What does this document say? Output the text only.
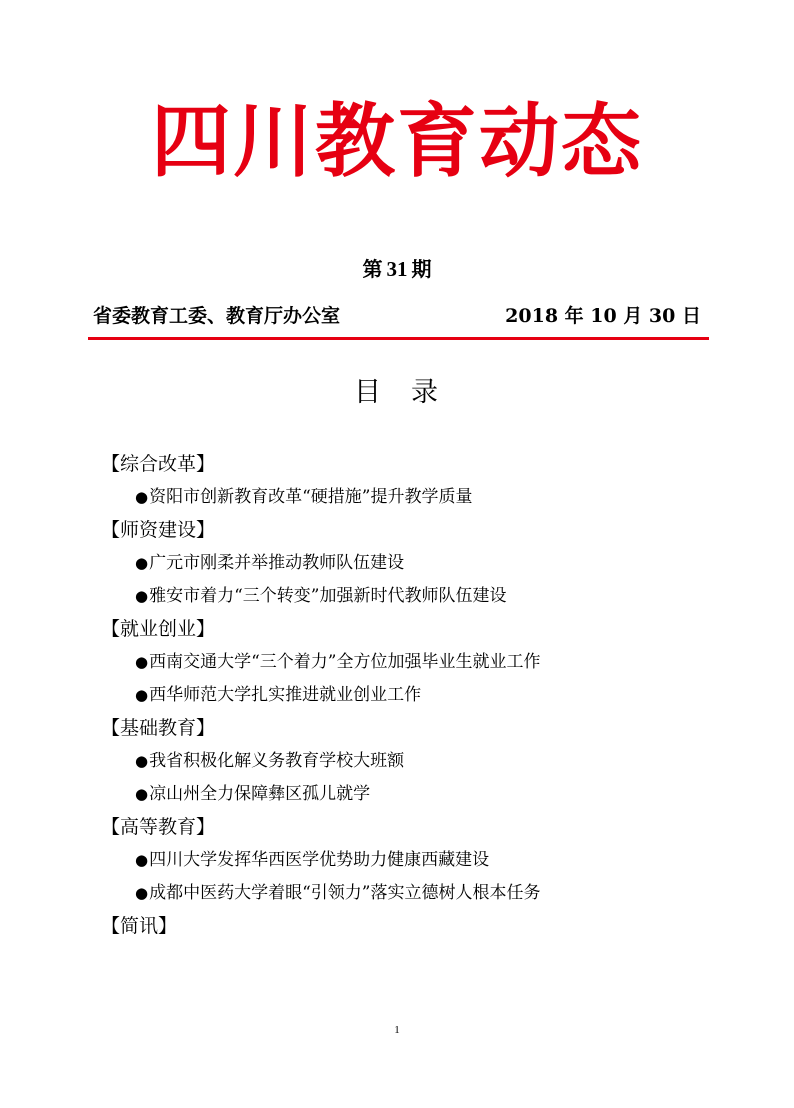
四川教育动态
第 31 期
省委教育工委、教育厅办公室	2018 年 10 月 30 日
目 录
【综合改革】
●资阳市创新教育改革“硬措施”提升教学质量
【师资建设】
●广元市刚柔并举推动教师队伍建设
●雅安市着力“三个转变”加强新时代教师队伍建设
【就业创业】
●西南交通大学“三个着力”全方位加强毕业生就业工作
●西华师范大学扎实推进就业创业工作
【基础教育】
●我省积极化解义务教育学校大班额
●凉山州全力保障彝区孤儿就学
【高等教育】
●四川大学发挥华西医学优势助力健康西藏建设
●成都中医药大学着眼“引领力”落实立德树人根本任务
【简讯】
1
